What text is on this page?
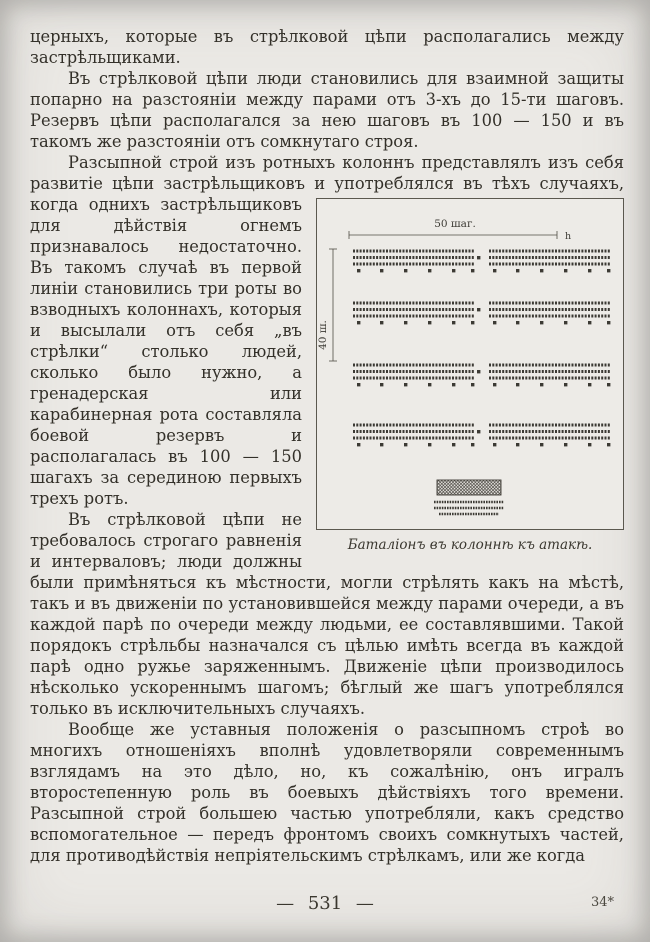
церныхъ, которые въ стрѣлковой цѣпи располагались между застрѣльщиками.

Въ стрѣлковой цѣпи люди становились для взаимной защиты попарно на разстояніи между парами отъ 3-хъ до 15-ти шаговъ. Резервъ цѣпи располагался за нею шаговъ въ 100 — 150 и въ такомъ же разстояніи отъ сомкнутаго строя.

Разсыпной строй изъ ротныхъ колоннъ представлялъ изъ себя развитіе цѣпи застрѣльщиковъ и употреблялся въ тѣхъ
50 шаг.
h
40 ш.
Баталіонъ въ колоннѣ къ атакѣ.
случаяхъ, когда однихъ застрѣльщиковъ для дѣйствія огнемъ признавалось недостаточно. Въ такомъ случаѣ въ первой линіи становились три роты во взводныхъ колоннахъ, которыя и высылали отъ себя „въ стрѣлки“ столько людей, сколько было нужно, а гренадерская или карабинерная рота составляла боевой резервъ и располагалась въ 100 — 150 шагахъ за серединою первыхъ трехъ ротъ.

Въ стрѣлковой цѣпи не требовалось строгаго равненія и интерваловъ; люди должны были примѣняться къ мѣстности, могли стрѣлять какъ на мѣстѣ, такъ и въ движеніи по установившейся между парами очереди, а въ каждой парѣ по очереди между людьми, ее составлявшими. Такой порядокъ стрѣльбы назначался съ цѣлью имѣть всегда въ каждой парѣ одно ружье заряженнымъ. Движеніе цѣпи производилось нѣсколько ускореннымъ шагомъ; бѣглый же шагъ употреблялся только въ исключительныхъ случаяхъ.

Вообще же уставныя положенія о разсыпномъ строѣ во многихъ отношеніяхъ вполнѣ удовлетворяли современнымъ взглядамъ на это дѣло, но, къ сожалѣнію, онъ игралъ второстепенную роль въ боевыхъ дѣйствіяхъ того времени. Разсыпной строй большею частью употребляли, какъ средство вспомогательное — передъ фронтомъ своихъ сомкнутыхъ частей, для противодѣйствія непріятельскимъ стрѣлкамъ, или же когда

— 531 —	34*
